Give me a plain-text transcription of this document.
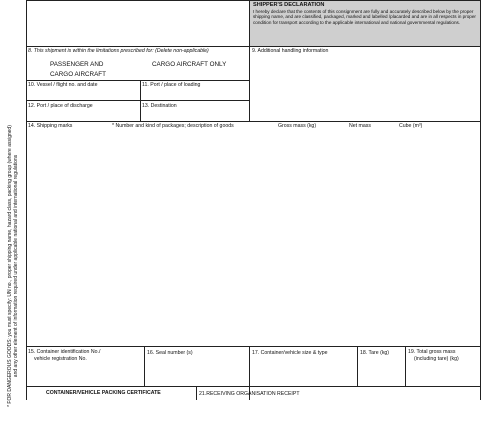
* FOR DANGEROUS GOODS: you must specify: UN no., proper shipping name, hazard class, packing group (where assigned) and any other element of information required under applicable national and international regulations
SHIPPER'S DECLARATION
I hereby declare that the contents of this consignment are fully and accurately described below by the proper shipping name, and are classified, packaged, marked and labelled /placarded and are in all respects in proper condition for transport according to the applicable international and national governmental regulations.
8. This shipment is within the limitations prescribed for: (Delete non-applicable)
PASSENGER AND
CARGO AIRCRAFT
CARGO AIRCRAFT ONLY
9. Additional handling information
10. Vessel / flight no. and date	11. Port / place of loading
12. Port / place of discharge	13. Destination
14. Shipping marks	* Number and kind of packages; description of goods	Gross mass (kg)	Net mass	Cube (m³)
15. Container identification No./
vehicle registration No.
16. Seal number (s)	17. Container/vehicle size & type	18. Tare (kg)	19. Total gross mass
(including tare) (kg)
CONTAINER/VEHICLE PACKING CERTIFICATE	21.RECEIVING ORGANISATION RECEIPT
